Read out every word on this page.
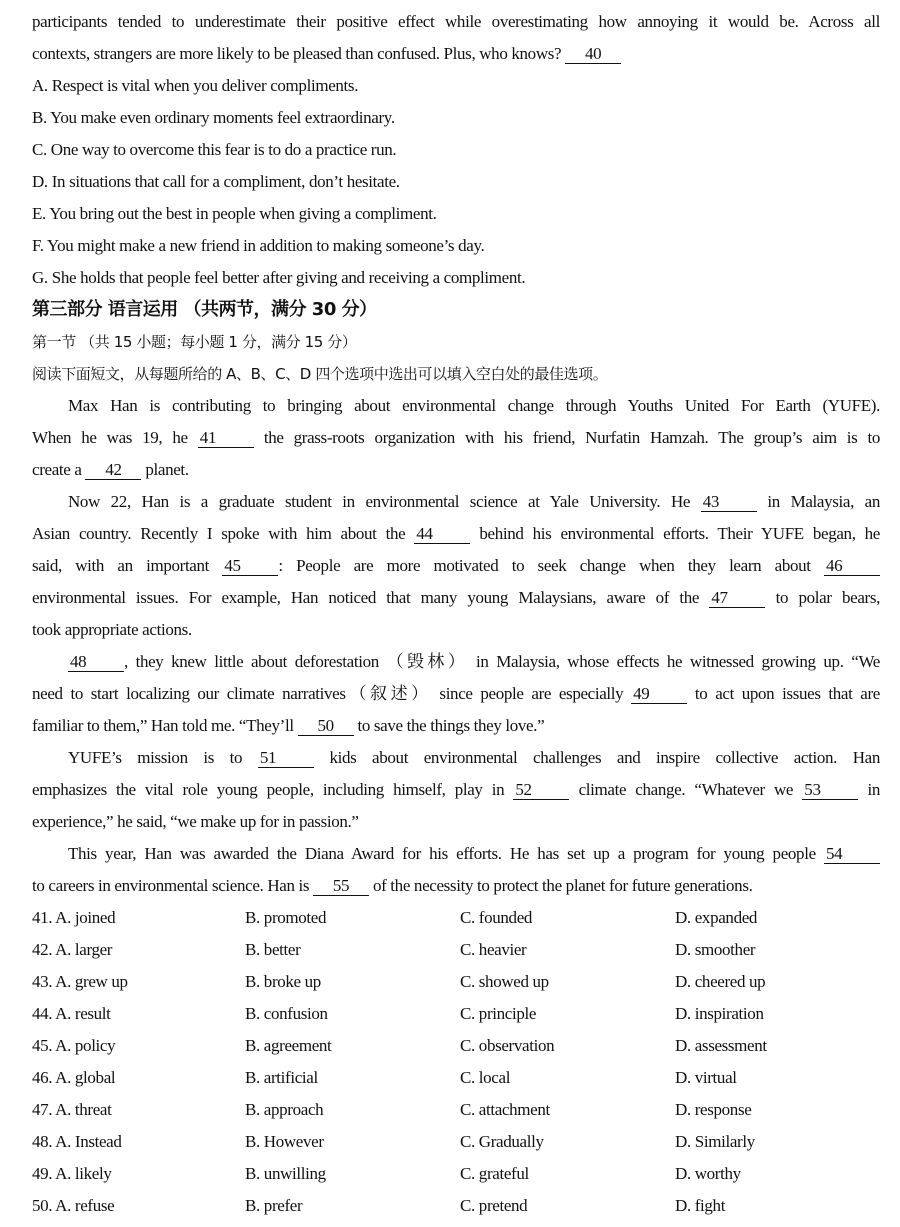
participants tended to underestimate their positive effect while overestimating how annoying it would be. Across all
contexts, strangers are more likely to be pleased than confused. Plus, who knows? 40
A. Respect is vital when you deliver compliments.
B. You make even ordinary moments feel extraordinary.
C. One way to overcome this fear is to do a practice run.
D. In situations that call for a compliment, don’t hesitate.
E. You bring out the best in people when giving a compliment.
F. You might make a new friend in addition to making someone’s day.
G. She holds that people feel better after giving and receiving a compliment.
第三部分 语言运用 （共两节，满分 30 分）
第一节 （共 15 小题；每小题 1 分，满分 15 分）
阅读下面短文，从每题所给的 A、B、C、D 四个选项中选出可以填入空白处的最佳选项。
Max Han is contributing to bringing about environmental change through Youths United For Earth (YUFE).
When he was 19, he 41 the grass-roots organization with his friend, Nurfatin Hamzah. The group’s aim is to
create a 42 planet.
Now 22, Han is a graduate student in environmental science at Yale University. He 43 in Malaysia, an
Asian country. Recently I spoke with him about the 44 behind his environmental efforts. Their YUFE began, he
said, with an important 45 : People are more motivated to seek change when they learn about 46
environmental issues. For example, Han noticed that many young Malaysians, aware of the 47 to polar bears,
took appropriate actions.
48 , they knew little about deforestation （毁林） in Malaysia, whose effects he witnessed growing up. “We
need to start localizing our climate narratives（叙述） since people are especially 49 to act upon issues that are
familiar to them,” Han told me. “They’ll 50 to save the things they love.”
YUFE’s mission is to 51 kids about environmental challenges and inspire collective action. Han
emphasizes the vital role young people, including himself, play in 52 climate change. “Whatever we 53 in
experience,” he said, “we make up for in passion.”
This year, Han was awarded the Diana Award for his efforts. He has set up a program for young people 54
to careers in environmental science. Han is 55 of the necessity to protect the planet for future generations.
41. A. joined	B. promoted	C. founded	D. expanded
42. A. larger	B. better	C. heavier	D. smoother
43. A. grew up	B. broke up	C. showed up	D. cheered up
44. A. result	B. confusion	C. principle	D. inspiration
45. A. policy	B. agreement	C. observation	D. assessment
46. A. global	B. artificial	C. local	D. virtual
47. A. threat	B. approach	C. attachment	D. response
48. A. Instead	B. However	C. Gradually	D. Similarly
49. A. likely	B. unwilling	C. grateful	D. worthy
50. A. refuse	B. prefer	C. pretend	D. fight
